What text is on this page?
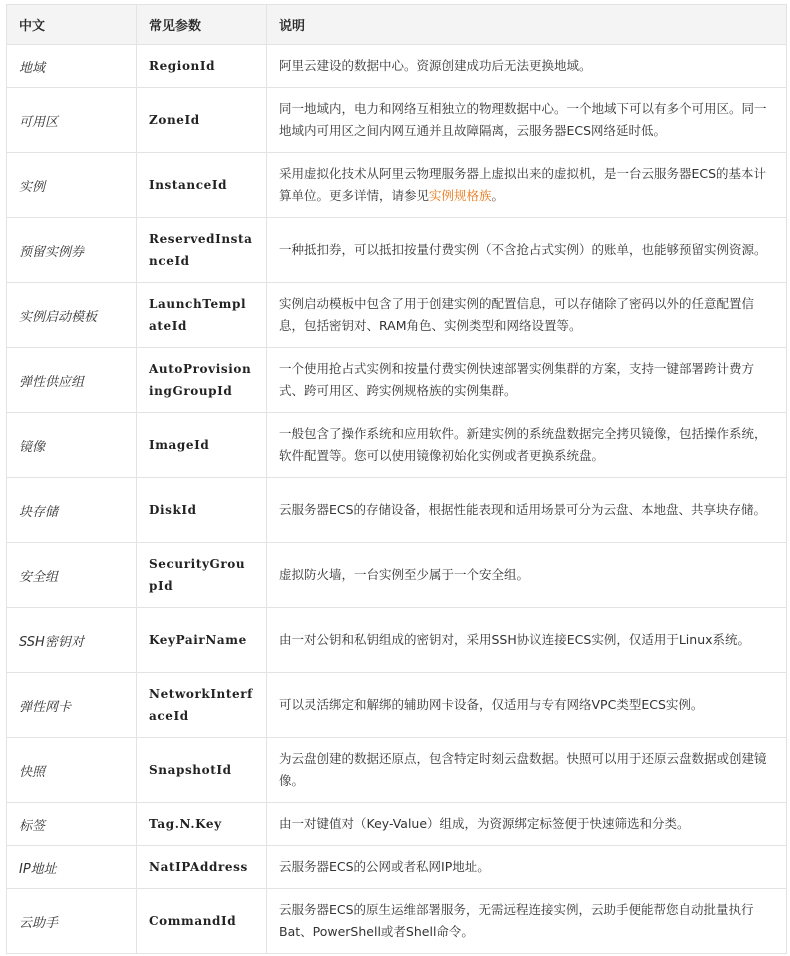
中文	常见参数	说明
地域	RegionId	阿里云建设的数据中心。资源创建成功后无法更换地域。
可用区	ZoneId	同一地域内，电力和网络互相独立的物理数据中心。一个地域下可以有多个可用区。同一地域内可用区之间内网互通并且故障隔离，云服务器ECS网络延时低。
实例	InstanceId	采用虚拟化技术从阿里云物理服务器上虚拟出来的虚拟机，是一台云服务器ECS的基本计算单位。更多详情，请参见实例规格族。
预留实例券	ReservedInstanceId	一种抵扣券，可以抵扣按量付费实例（不含抢占式实例）的账单，也能够预留实例资源。
实例启动模板	LaunchTemplateId	实例启动模板中包含了用于创建实例的配置信息，可以存储除了密码以外的任意配置信息，包括密钥对、RAM角色、实例类型和网络设置等。
弹性供应组	AutoProvisioningGroupId	一个使用抢占式实例和按量付费实例快速部署实例集群的方案，支持一键部署跨计费方式、跨可用区、跨实例规格族的实例集群。
镜像	ImageId	一般包含了操作系统和应用软件。新建实例的系统盘数据完全拷贝镜像，包括操作系统，软件配置等。您可以使用镜像初始化实例或者更换系统盘。
块存储	DiskId	云服务器ECS的存储设备，根据性能表现和适用场景可分为云盘、本地盘、共享块存储。
安全组	SecurityGroupId	虚拟防火墙，一台实例至少属于一个安全组。
SSH密钥对	KeyPairName	由一对公钥和私钥组成的密钥对，采用SSH协议连接ECS实例，仅适用于Linux系统。
弹性网卡	NetworkInterfaceId	可以灵活绑定和解绑的辅助网卡设备，仅适用与专有网络VPC类型ECS实例。
快照	SnapshotId	为云盘创建的数据还原点，包含特定时刻云盘数据。快照可以用于还原云盘数据或创建镜像。
标签	Tag.N.Key	由一对键值对（Key-Value）组成，为资源绑定标签便于快速筛选和分类。
IP地址	NatIPAddress	云服务器ECS的公网或者私网IP地址。
云助手	CommandId	云服务器ECS的原生运维部署服务，无需远程连接实例，云助手便能帮您自动批量执行Bat、PowerShell或者Shell命令。
